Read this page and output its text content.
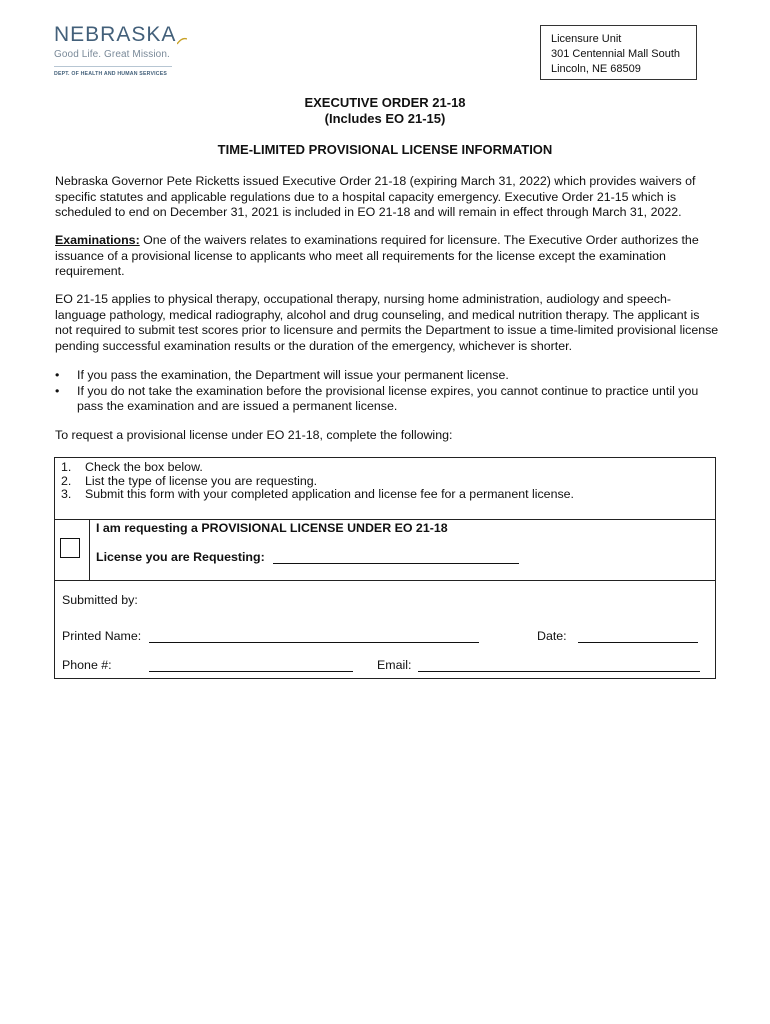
NEBRASKA
Good Life. Great Mission.
DEPT. OF HEALTH AND HUMAN SERVICES
Licensure Unit
301 Centennial Mall South
Lincoln, NE 68509
EXECUTIVE ORDER 21-18
(Includes EO 21-15)
TIME-LIMITED PROVISIONAL LICENSE INFORMATION
Nebraska Governor Pete Ricketts issued Executive Order 21-18 (expiring March 31, 2022) which provides waivers of specific statutes and applicable regulations due to a hospital capacity emergency. Executive Order 21-15 which is scheduled to end on December 31, 2021 is included in EO 21-18 and will remain in effect through March 31, 2022.
Examinations: One of the waivers relates to examinations required for licensure. The Executive Order authorizes the issuance of a provisional license to applicants who meet all requirements for the license except the examination requirement.
EO 21-15 applies to physical therapy, occupational therapy, nursing home administration, audiology and speech-language pathology, medical radiography, alcohol and drug counseling, and medical nutrition therapy. The applicant is not required to submit test scores prior to licensure and permits the Department to issue a time-limited provisional license pending successful examination results or the duration of the emergency, whichever is shorter.
• If you pass the examination, the Department will issue your permanent license.
• If you do not take the examination before the provisional license expires, you cannot continue to practice until you pass the examination and are issued a permanent license.
To request a provisional license under EO 21-18, complete the following:
1.	Check the box below.
2.	List the type of license you are requesting.
3.	Submit this form with your completed application and license fee for a permanent license.
I am requesting a PROVISIONAL LICENSE UNDER EO 21-18
License you are Requesting:
Submitted by:
Printed Name:	Date:
Phone #:	Email:
